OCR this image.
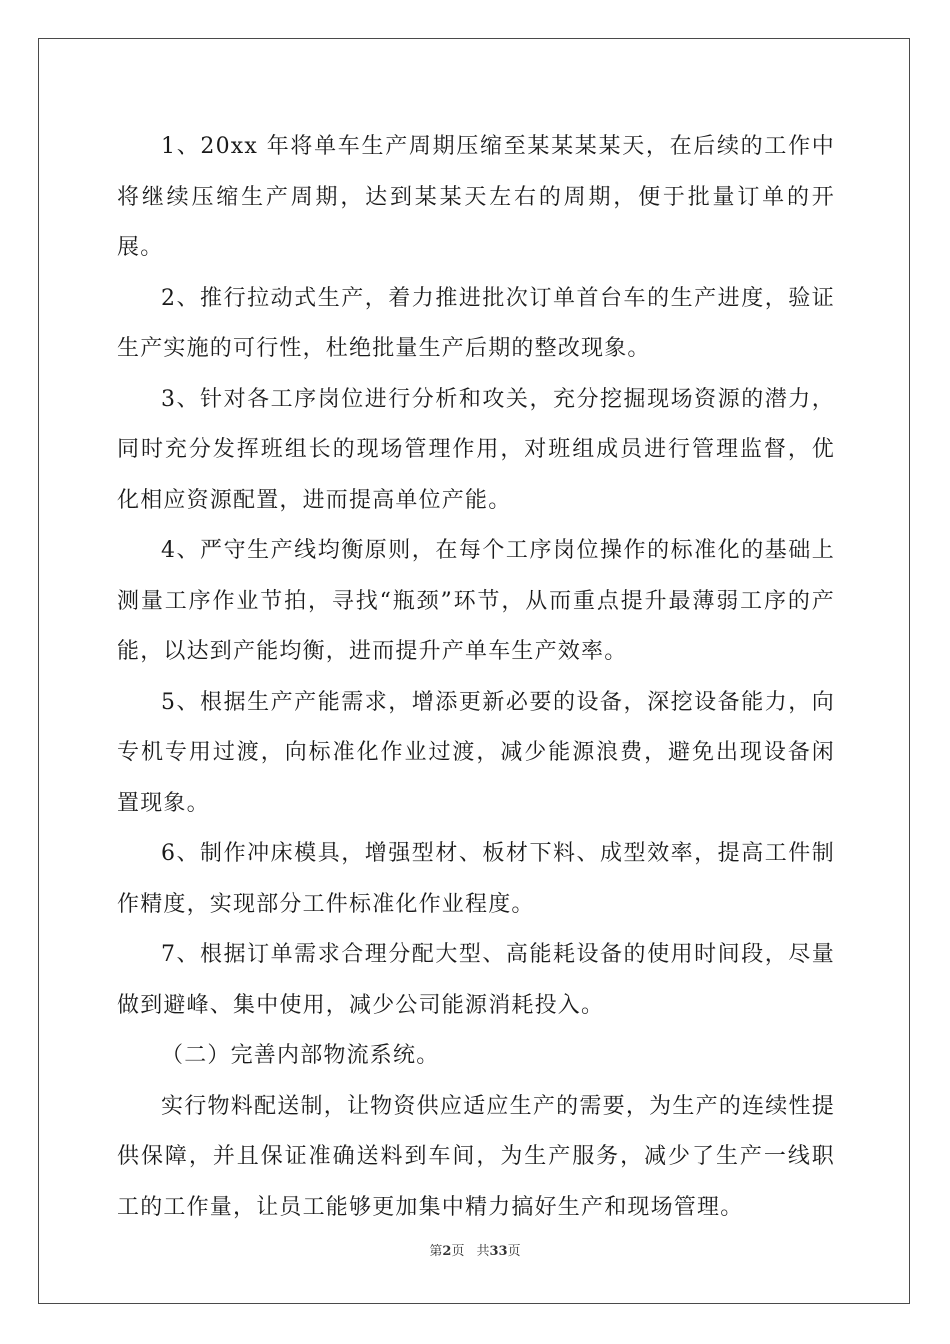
1、20xx 年将单车生产周期压缩至某某某某天，在后续的工作中将继续压缩生产周期，达到某某天左右的周期，便于批量订单的开展。

2、推行拉动式生产，着力推进批次订单首台车的生产进度，验证生产实施的可行性，杜绝批量生产后期的整改现象。

3、针对各工序岗位进行分析和攻关，充分挖掘现场资源的潜力，同时充分发挥班组长的现场管理作用，对班组成员进行管理监督，优化相应资源配置，进而提高单位产能。

4、严守生产线均衡原则，在每个工序岗位操作的标准化的基础上测量工序作业节拍，寻找“瓶颈”环节，从而重点提升最薄弱工序的产能，以达到产能均衡，进而提升产单车生产效率。

5、根据生产产能需求，增添更新必要的设备，深挖设备能力，向专机专用过渡，向标准化作业过渡，减少能源浪费，避免出现设备闲置现象。

6、制作冲床模具，增强型材、板材下料、成型效率，提高工件制作精度，实现部分工件标准化作业程度。

7、根据订单需求合理分配大型、高能耗设备的使用时间段，尽量做到避峰、集中使用，减少公司能源消耗投入。

（二）完善内部物流系统。

实行物料配送制，让物资供应适应生产的需要，为生产的连续性提供保障，并且保证准确送料到车间，为生产服务，减少了生产一线职工的工作量，让员工能够更加集中精力搞好生产和现场管理。

第2页 共33页
